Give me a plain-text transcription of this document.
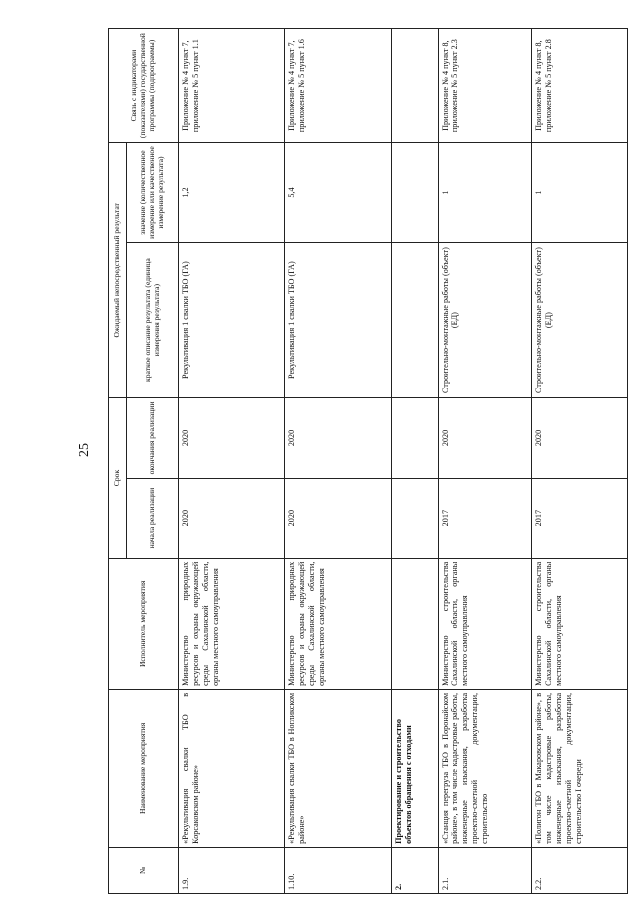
25
№	Наименование мероприятия	Исполнитель мероприятия	Срок		Ожидаемый непосредственный результат		Связь с индикаторами (показателями) государственной программы (подпрограммы)
			начала реализации	окончания реализации	краткое описание результата (единица измерения результата)	значение (количественное измерение или качественное измерение результата)	
1.9.	«Рекультивация свалки ТБО в Корсаковском районе»	Министерство природных ресурсов и охраны окружающей среды Сахалинской области, органы местного самоуправления	2020	2020	Рекультивация 1 свалки ТБО (ГА)	1,2	Приложение № 4 пункт 7, приложение № 5 пункт 1.1
1.10.	«Рекультивация свалки ТБО в Ногликском районе»	Министерство природных ресурсов и охраны окружающей среды Сахалинской области, органы местного самоуправления	2020	2020	Рекультивация 1 свалки ТБО (ГА)	5,4	Приложение № 4 пункт 7, приложение № 5 пункт 1.6
2.	Проектирование и строительство объектов обращения с отходами						
2.1.	«Станция перегруза ТБО в Поронайском районе», в том числе кадастровые работы, инженерные изыскания, разработка проектно-сметной документации, строительство	Министерство строительства Сахалинской области, органы местного самоуправления	2017	2020	Строительно-монтажные работы (объект) (ЕД)	1	Приложение № 4 пункт 8, приложение № 5 пункт 2.3
2.2.	«Полигон ТБО в Макаровском районе», в том числе кадастровые работы, инженерные изыскания, разработка проектно-сметной документации, строительство I очереди	Министерство строительства Сахалинской области, органы местного самоуправления	2017	2020	Строительно-монтажные работы (объект) (ЕД)	1	Приложение № 4 пункт 8, приложение № 5 пункт 2.8
